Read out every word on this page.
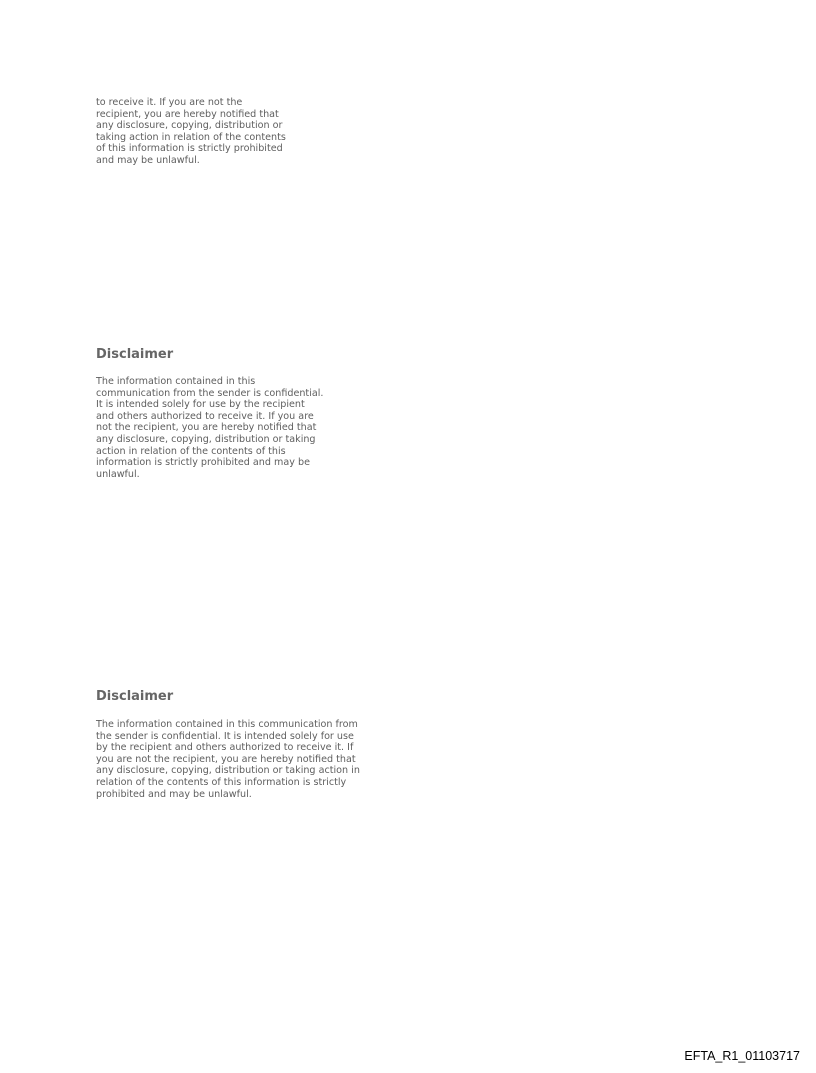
to receive it. If you are not the
recipient, you are hereby notified that
any disclosure, copying, distribution or
taking action in relation of the contents
of this information is strictly prohibited
and may be unlawful.

Disclaimer

The information contained in this
communication from the sender is confidential.
It is intended solely for use by the recipient
and others authorized to receive it. If you are
not the recipient, you are hereby notified that
any disclosure, copying, distribution or taking
action in relation of the contents of this
information is strictly prohibited and may be
unlawful.

Disclaimer

The information contained in this communication from
the sender is confidential. It is intended solely for use
by the recipient and others authorized to receive it. If
you are not the recipient, you are hereby notified that
any disclosure, copying, distribution or taking action in
relation of the contents of this information is strictly
prohibited and may be unlawful.

EFTA_R1_01103717
